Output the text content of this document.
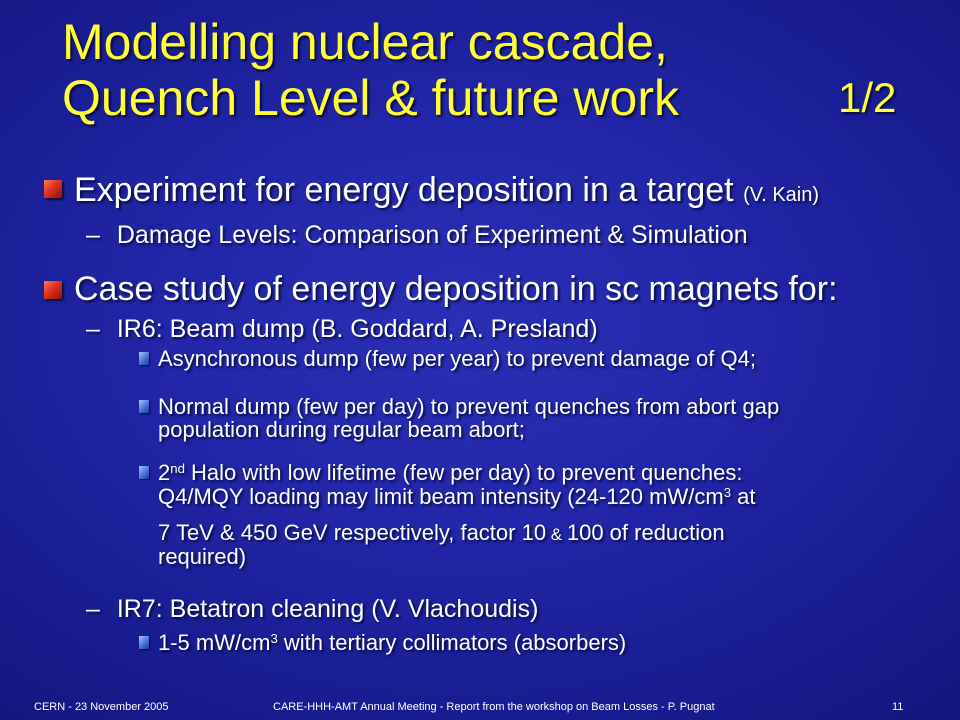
Modelling nuclear cascade,
Quench Level & future work	1/2
Experiment for energy deposition in a target (V. Kain)
– Damage Levels: Comparison of Experiment & Simulation
Case study of energy deposition in sc magnets for:
– IR6: Beam dump (B. Goddard, A. Presland)
Asynchronous dump (few per year) to prevent damage of Q4;
Normal dump (few per day) to prevent quenches from abort gap
population during regular beam abort;
2nd Halo with low lifetime (few per day) to prevent quenches:
Q4/MQY loading may limit beam intensity (24-120 $mW/cm^3$ at
7 TeV & 450 GeV respectively, factor 10 & 100 of reduction
required)
– IR7: Betatron cleaning (V. Vlachoudis)
1-5 $mW/cm^3$ with tertiary collimators (absorbers)
CERN - 23 November 2005	CARE-HHH-AMT Annual Meeting - Report from the workshop on Beam Losses - P. Pugnat	11
